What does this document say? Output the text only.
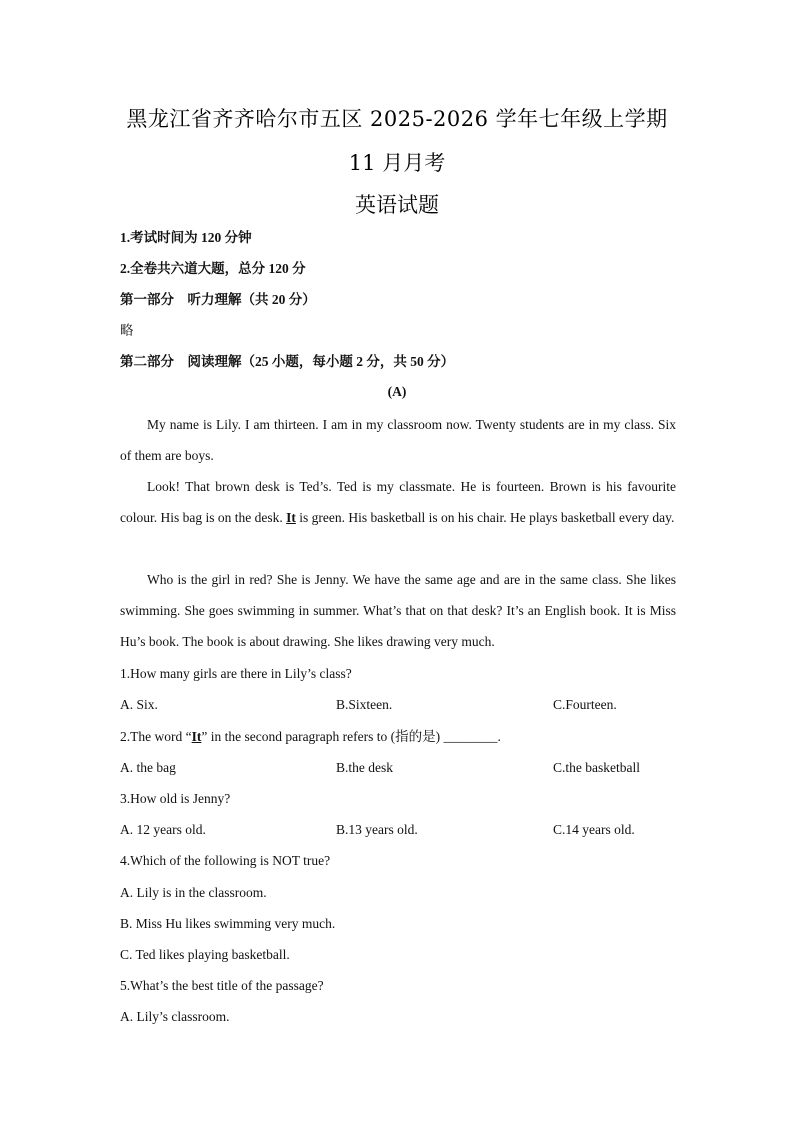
黑龙江省齐齐哈尔市五区 2025-2026 学年七年级上学期
11 月月考
英语试题
1.考试时间为 120 分钟
2.全卷共六道大题，总分 120 分
第一部分　听力理解（共 20 分）
略
第二部分　阅读理解（25 小题，每小题 2 分，共 50 分）
(A)

My name is Lily. I am thirteen. I am in my classroom now. Twenty students are in my class. Six of them are boys.

Look! That brown desk is Ted’s. Ted is my classmate. He is fourteen. Brown is his favourite colour. His bag is on the desk. It is green. His basketball is on his chair. He plays basketball every day.

Who is the girl in red? She is Jenny. We have the same age and are in the same class. She likes swimming. She goes swimming in summer. What’s that on that desk? It’s an English book. It is Miss Hu’s book. The book is about drawing. She likes drawing very much.

1.How many girls are there in Lily’s class?
A. Six.	B.Sixteen.	C.Fourteen.
2.The word “It” in the second paragraph refers to (指的是) ________.
A. the bag	B.the desk	C.the basketball
3.How old is Jenny?
A. 12 years old.	B.13 years old.	C.14 years old.
4.Which of the following is NOT true?
A. Lily is in the classroom.
B. Miss Hu likes swimming very much.
C. Ted likes playing basketball.
5.What’s the best title of the passage?
A. Lily’s classroom.
